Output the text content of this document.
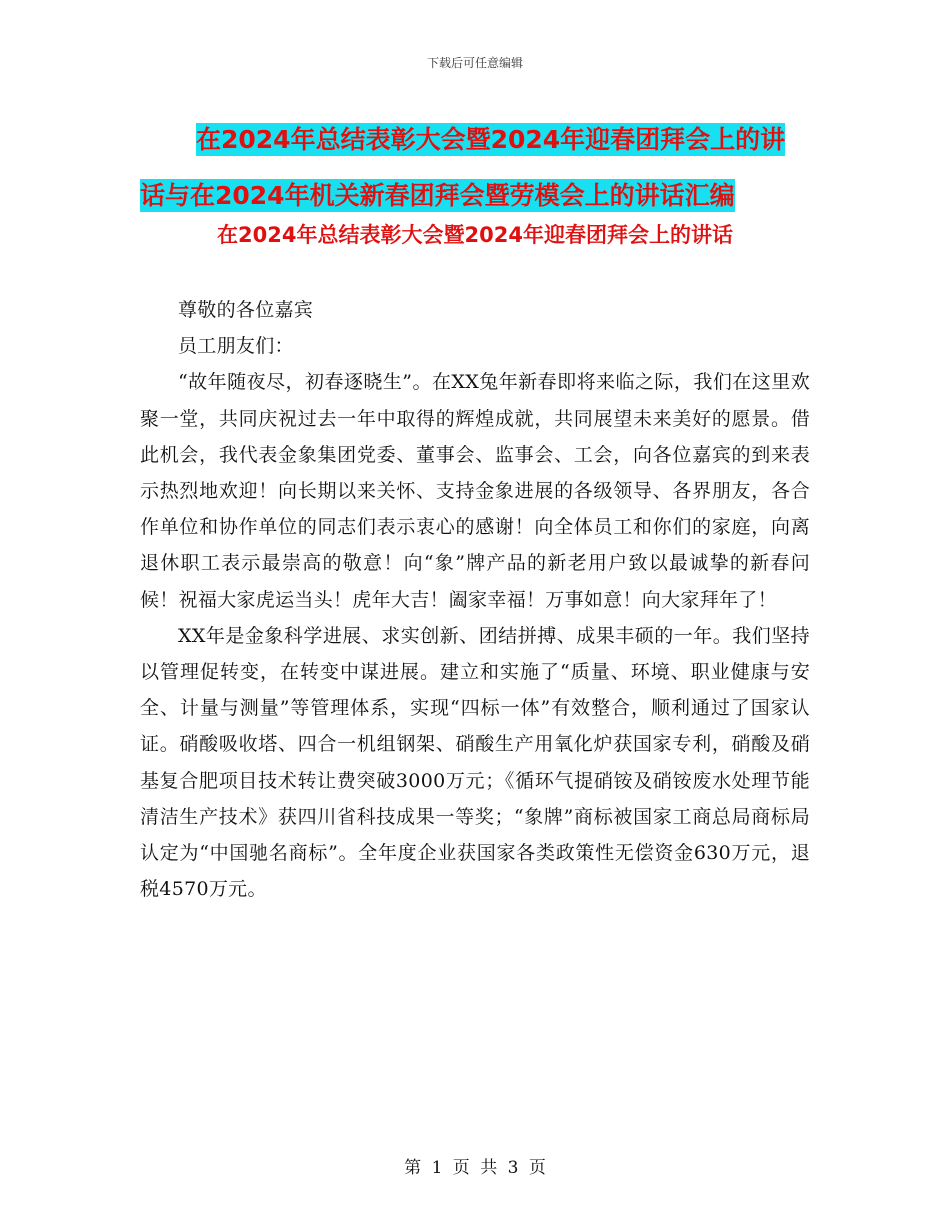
下载后可任意编辑
在2024年总结表彰大会暨2024年迎春团拜会上的讲
话与在2024年机关新春团拜会暨劳模会上的讲话汇编
在2024年总结表彰大会暨2024年迎春团拜会上的讲话

尊敬的各位嘉宾

员工朋友们：

“故年随夜尽，初春逐晓生”。在XX兔年新春即将来临之际，我们在这里欢聚一堂，共同庆祝过去一年中取得的辉煌成就，共同展望未来美好的愿景。借此机会，我代表金象集团党委、董事会、监事会、工会，向各位嘉宾的到来表示热烈地欢迎！向长期以来关怀、支持金象进展的各级领导、各界朋友，各合作单位和协作单位的同志们表示衷心的感谢！向全体员工和你们的家庭，向离退休职工表示最崇高的敬意！向“象”牌产品的新老用户致以最诚挚的新春问候！祝福大家虎运当头！虎年大吉！阖家幸福！万事如意！向大家拜年了！

XX年是金象科学进展、求实创新、团结拼搏、成果丰硕的一年。我们坚持以管理促转变，在转变中谋进展。建立和实施了“质量、环境、职业健康与安全、计量与测量”等管理体系，实现“四标一体”有效整合，顺利通过了国家认证。硝酸吸收塔、四合一机组钢架、硝酸生产用氧化炉获国家专利，硝酸及硝基复合肥项目技术转让费突破3000万元；《循环气提硝铵及硝铵废水处理节能清洁生产技术》获四川省科技成果一等奖；“象牌”商标被国家工商总局商标局认定为“中国驰名商标”。全年度企业获国家各类政策性无偿资金630万元，退税4570万元。

第 1 页 共 3 页
